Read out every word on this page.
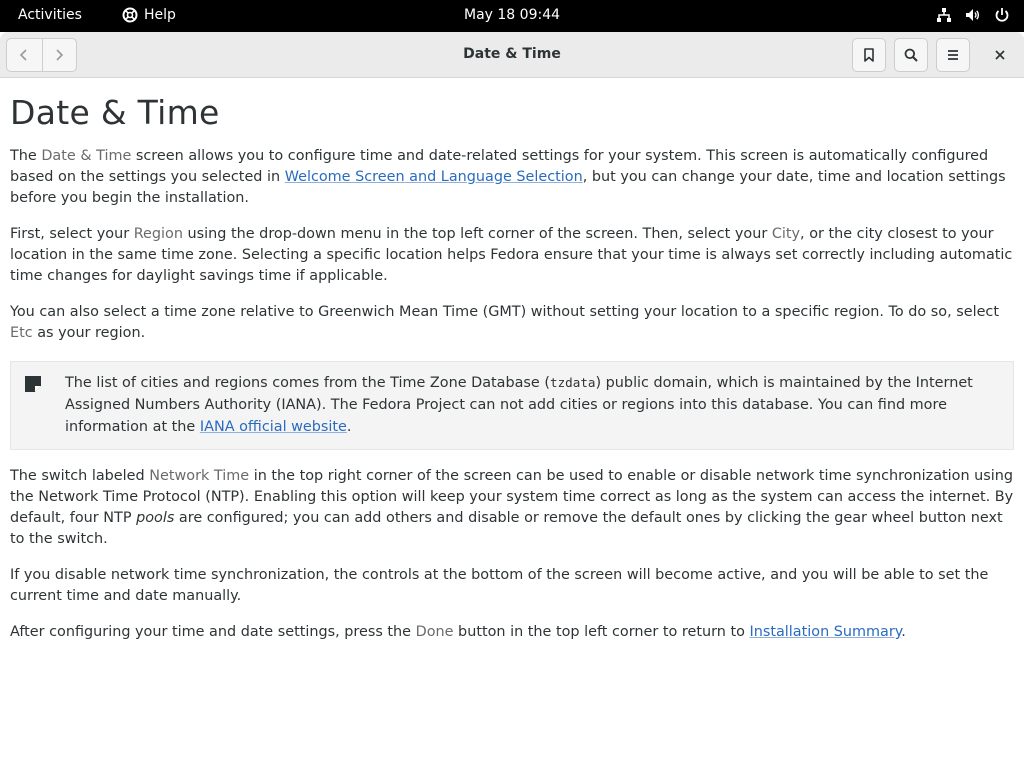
Activities	Help	May 18 09:44
Date & Time
Date & Time

The Date & Time screen allows you to configure time and date-related settings for your system. This screen is automatically configured based on the settings you selected in Welcome Screen and Language Selection, but you can change your date, time and location settings before you begin the installation.

First, select your Region using the drop-down menu in the top left corner of the screen. Then, select your City, or the city closest to your location in the same time zone. Selecting a specific location helps Fedora ensure that your time is always set correctly including automatic time changes for daylight savings time if applicable.

You can also select a time zone relative to Greenwich Mean Time (GMT) without setting your location to a specific region. To do so, select Etc as your region.

The list of cities and regions comes from the Time Zone Database (tzdata) public domain, which is maintained by the Internet Assigned Numbers Authority (IANA). The Fedora Project can not add cities or regions into this database. You can find more information at the IANA official website.

The switch labeled Network Time in the top right corner of the screen can be used to enable or disable network time synchronization using the Network Time Protocol (NTP). Enabling this option will keep your system time correct as long as the system can access the internet. By default, four NTP pools are configured; you can add others and disable or remove the default ones by clicking the gear wheel button next to the switch.

If you disable network time synchronization, the controls at the bottom of the screen will become active, and you will be able to set the current time and date manually.

After configuring your time and date settings, press the Done button in the top left corner to return to Installation Summary.
